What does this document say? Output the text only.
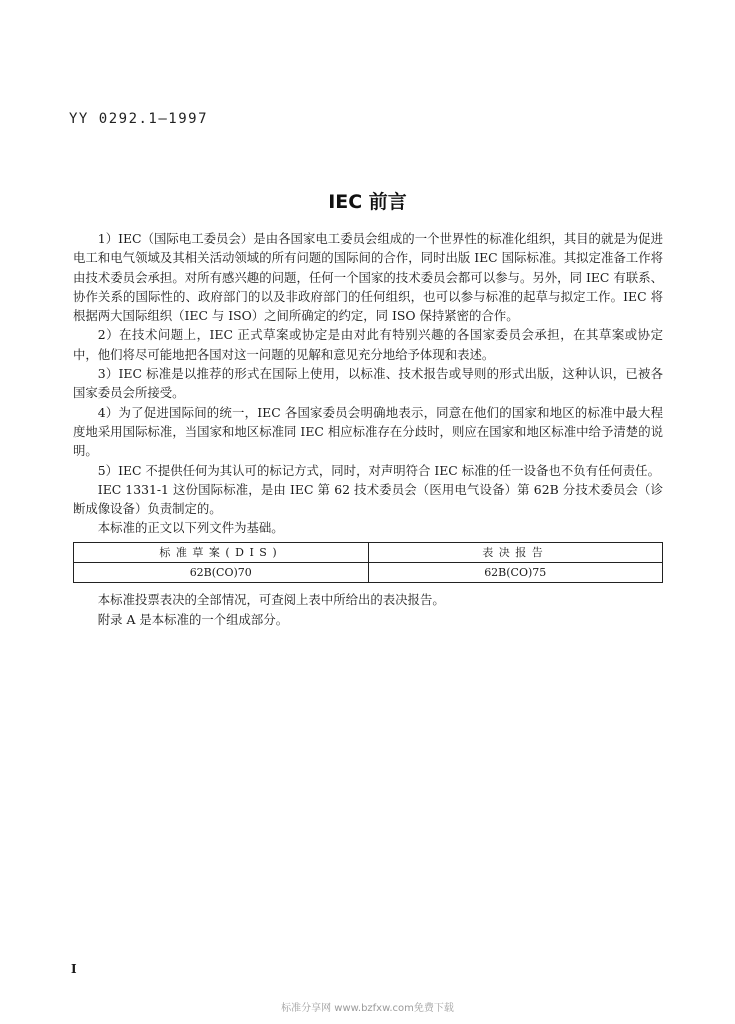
YY 0292.1—1997
IEC 前言

1）IEC（国际电工委员会）是由各国家电工委员会组成的一个世界性的标准化组织，其目的就是为促进电工和电气领域及其相关活动领域的所有问题的国际间的合作，同时出版 IEC 国际标准。其拟定准备工作将由技术委员会承担。对所有感兴趣的问题，任何一个国家的技术委员会都可以参与。另外，同 IEC 有联系、协作关系的国际性的、政府部门的以及非政府部门的任何组织，也可以参与标准的起草与拟定工作。IEC 将根据两大国际组织（IEC 与 ISO）之间所确定的约定，同 ISO 保持紧密的合作。

2）在技术问题上，IEC 正式草案或协定是由对此有特别兴趣的各国家委员会承担，在其草案或协定中，他们将尽可能地把各国对这一问题的见解和意见充分地给予体现和表述。

3）IEC 标准是以推荐的形式在国际上使用，以标准、技术报告或导则的形式出版，这种认识，已被各国家委员会所接受。

4）为了促进国际间的统一，IEC 各国家委员会明确地表示，同意在他们的国家和地区的标准中最大程度地采用国际标准，当国家和地区标准同 IEC 相应标准存在分歧时，则应在国家和地区标准中给予清楚的说明。

5）IEC 不提供任何为其认可的标记方式，同时，对声明符合 IEC 标准的任一设备也不负有任何责任。

IEC 1331-1 这份国际标准，是由 IEC 第 62 技术委员会（医用电气设备）第 62B 分技术委员会（诊断成像设备）负责制定的。

本标准的正文以下列文件为基础。

标准草案(DIS)	表决报告
62B(CO)70	62B(CO)75

本标准投票表决的全部情况，可查阅上表中所给出的表决报告。

附录 A 是本标准的一个组成部分。

I
标准分享网 www.bzfxw.com免费下载
